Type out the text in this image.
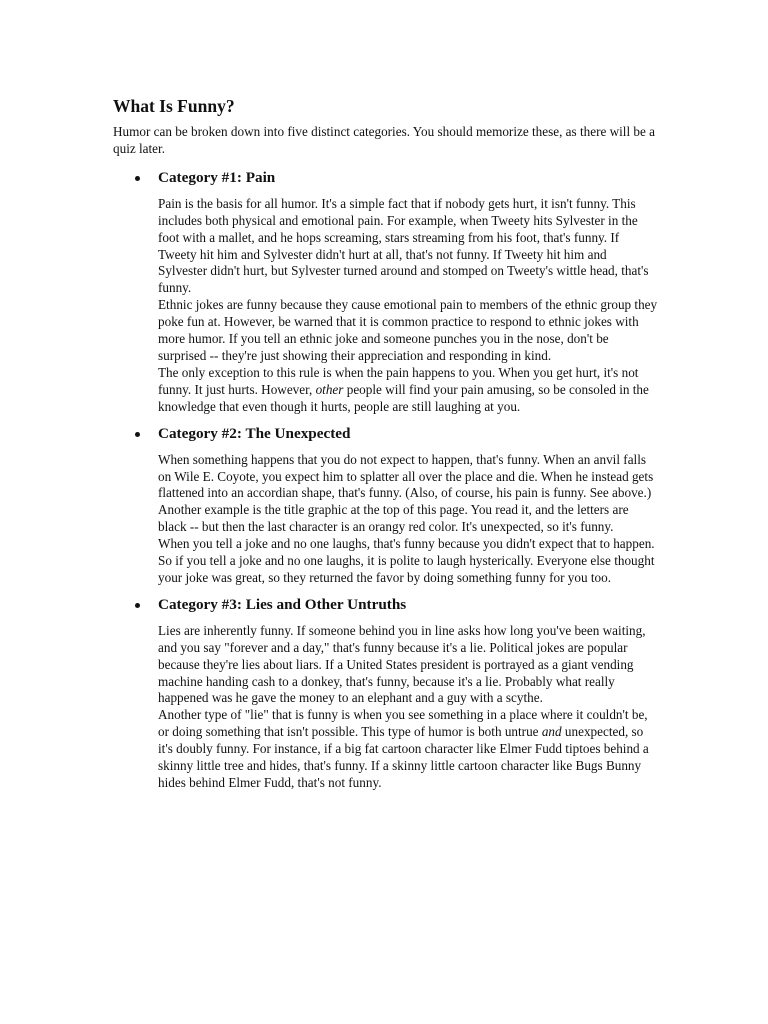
What Is Funny?

Humor can be broken down into five distinct categories. You should memorize these, as there will be a quiz later.

Category #1: Pain

Pain is the basis for all humor. It's a simple fact that if nobody gets hurt, it isn't funny. This includes both physical and emotional pain. For example, when Tweety hits Sylvester in the foot with a mallet, and he hops screaming, stars streaming from his foot, that's funny. If Tweety hit him and Sylvester didn't hurt at all, that's not funny. If Tweety hit him and Sylvester didn't hurt, but Sylvester turned around and stomped on Tweety's wittle head, that's funny.

Ethnic jokes are funny because they cause emotional pain to members of the ethnic group they poke fun at. However, be warned that it is common practice to respond to ethnic jokes with more humor. If you tell an ethnic joke and someone punches you in the nose, don't be surprised -- they're just showing their appreciation and responding in kind.

The only exception to this rule is when the pain happens to you. When you get hurt, it's not funny. It just hurts. However, other people will find your pain amusing, so be consoled in the knowledge that even though it hurts, people are still laughing at you.

Category #2: The Unexpected

When something happens that you do not expect to happen, that's funny. When an anvil falls on Wile E. Coyote, you expect him to splatter all over the place and die. When he instead gets flattened into an accordian shape, that's funny. (Also, of course, his pain is funny. See above.) Another example is the title graphic at the top of this page. You read it, and the letters are black -- but then the last character is an orangy red color. It's unexpected, so it's funny.

When you tell a joke and no one laughs, that's funny because you didn't expect that to happen. So if you tell a joke and no one laughs, it is polite to laugh hysterically. Everyone else thought your joke was great, so they returned the favor by doing something funny for you too.

Category #3: Lies and Other Untruths

Lies are inherently funny. If someone behind you in line asks how long you've been waiting, and you say "forever and a day," that's funny because it's a lie. Political jokes are popular because they're lies about liars. If a United States president is portrayed as a giant vending machine handing cash to a donkey, that's funny, because it's a lie. Probably what really happened was he gave the money to an elephant and a guy with a scythe.

Another type of "lie" that is funny is when you see something in a place where it couldn't be, or doing something that isn't possible. This type of humor is both untrue and unexpected, so it's doubly funny. For instance, if a big fat cartoon character like Elmer Fudd tiptoes behind a skinny little tree and hides, that's funny. If a skinny little cartoon character like Bugs Bunny hides behind Elmer Fudd, that's not funny.
